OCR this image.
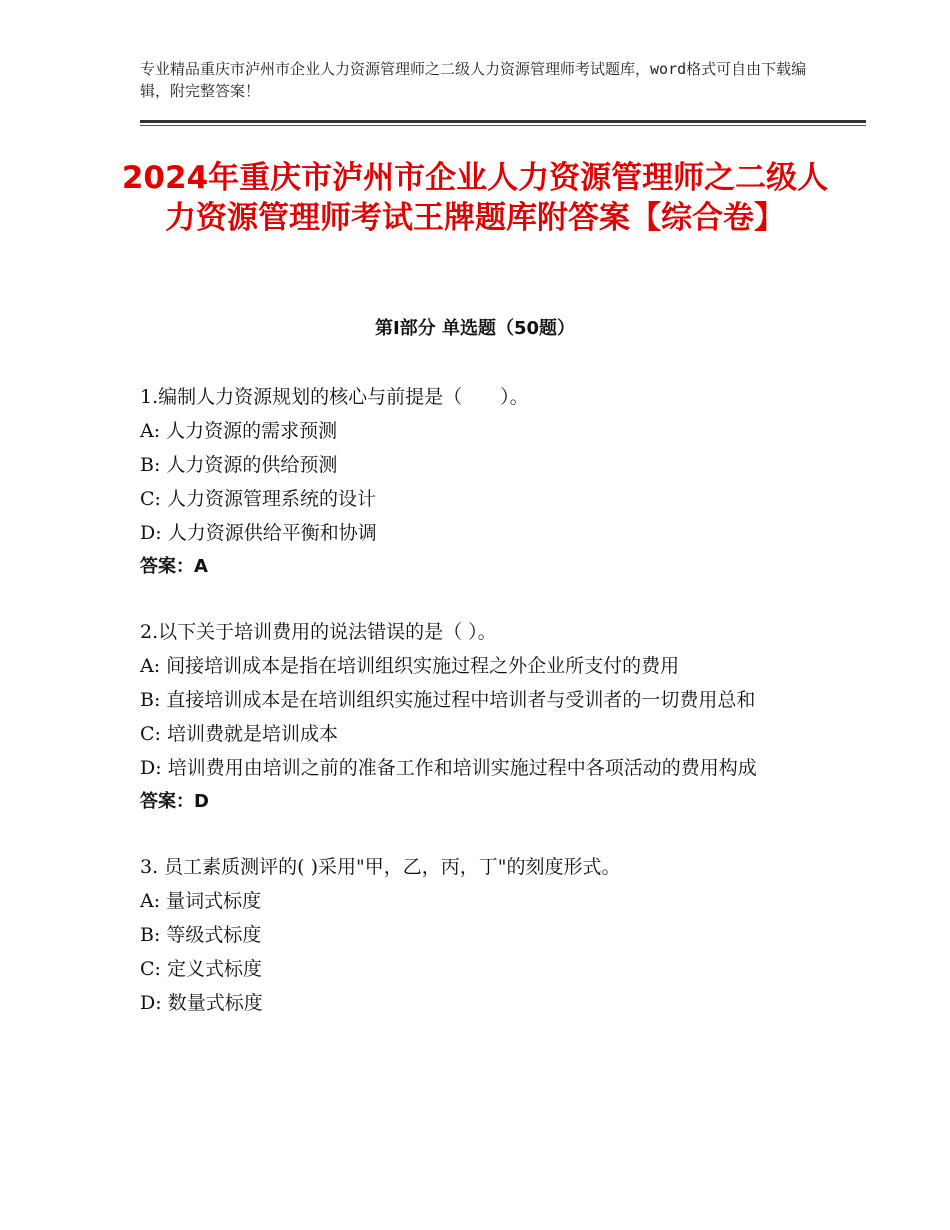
专业精品重庆市泸州市企业人力资源管理师之二级人力资源管理师考试题库，word格式可自由下载编辑，附完整答案！
2024年重庆市泸州市企业人力资源管理师之二级人力资源管理师考试王牌题库附答案【综合卷】
第Ⅰ部分 单选题（50题）
1.编制人力资源规划的核心与前提是（　　）。
A: 人力资源的需求预测
B: 人力资源的供给预测
C: 人力资源管理系统的设计
D: 人力资源供给平衡和协调
答案：A
2.以下关于培训费用的说法错误的是（ ）。
A: 间接培训成本是指在培训组织实施过程之外企业所支付的费用
B: 直接培训成本是在培训组织实施过程中培训者与受训者的一切费用总和
C: 培训费就是培训成本
D: 培训费用由培训之前的准备工作和培训实施过程中各项活动的费用构成
答案：D
3. 员工素质测评的( )采用"甲，乙，丙，丁"的刻度形式。
A: 量词式标度
B: 等级式标度
C: 定义式标度
D: 数量式标度
